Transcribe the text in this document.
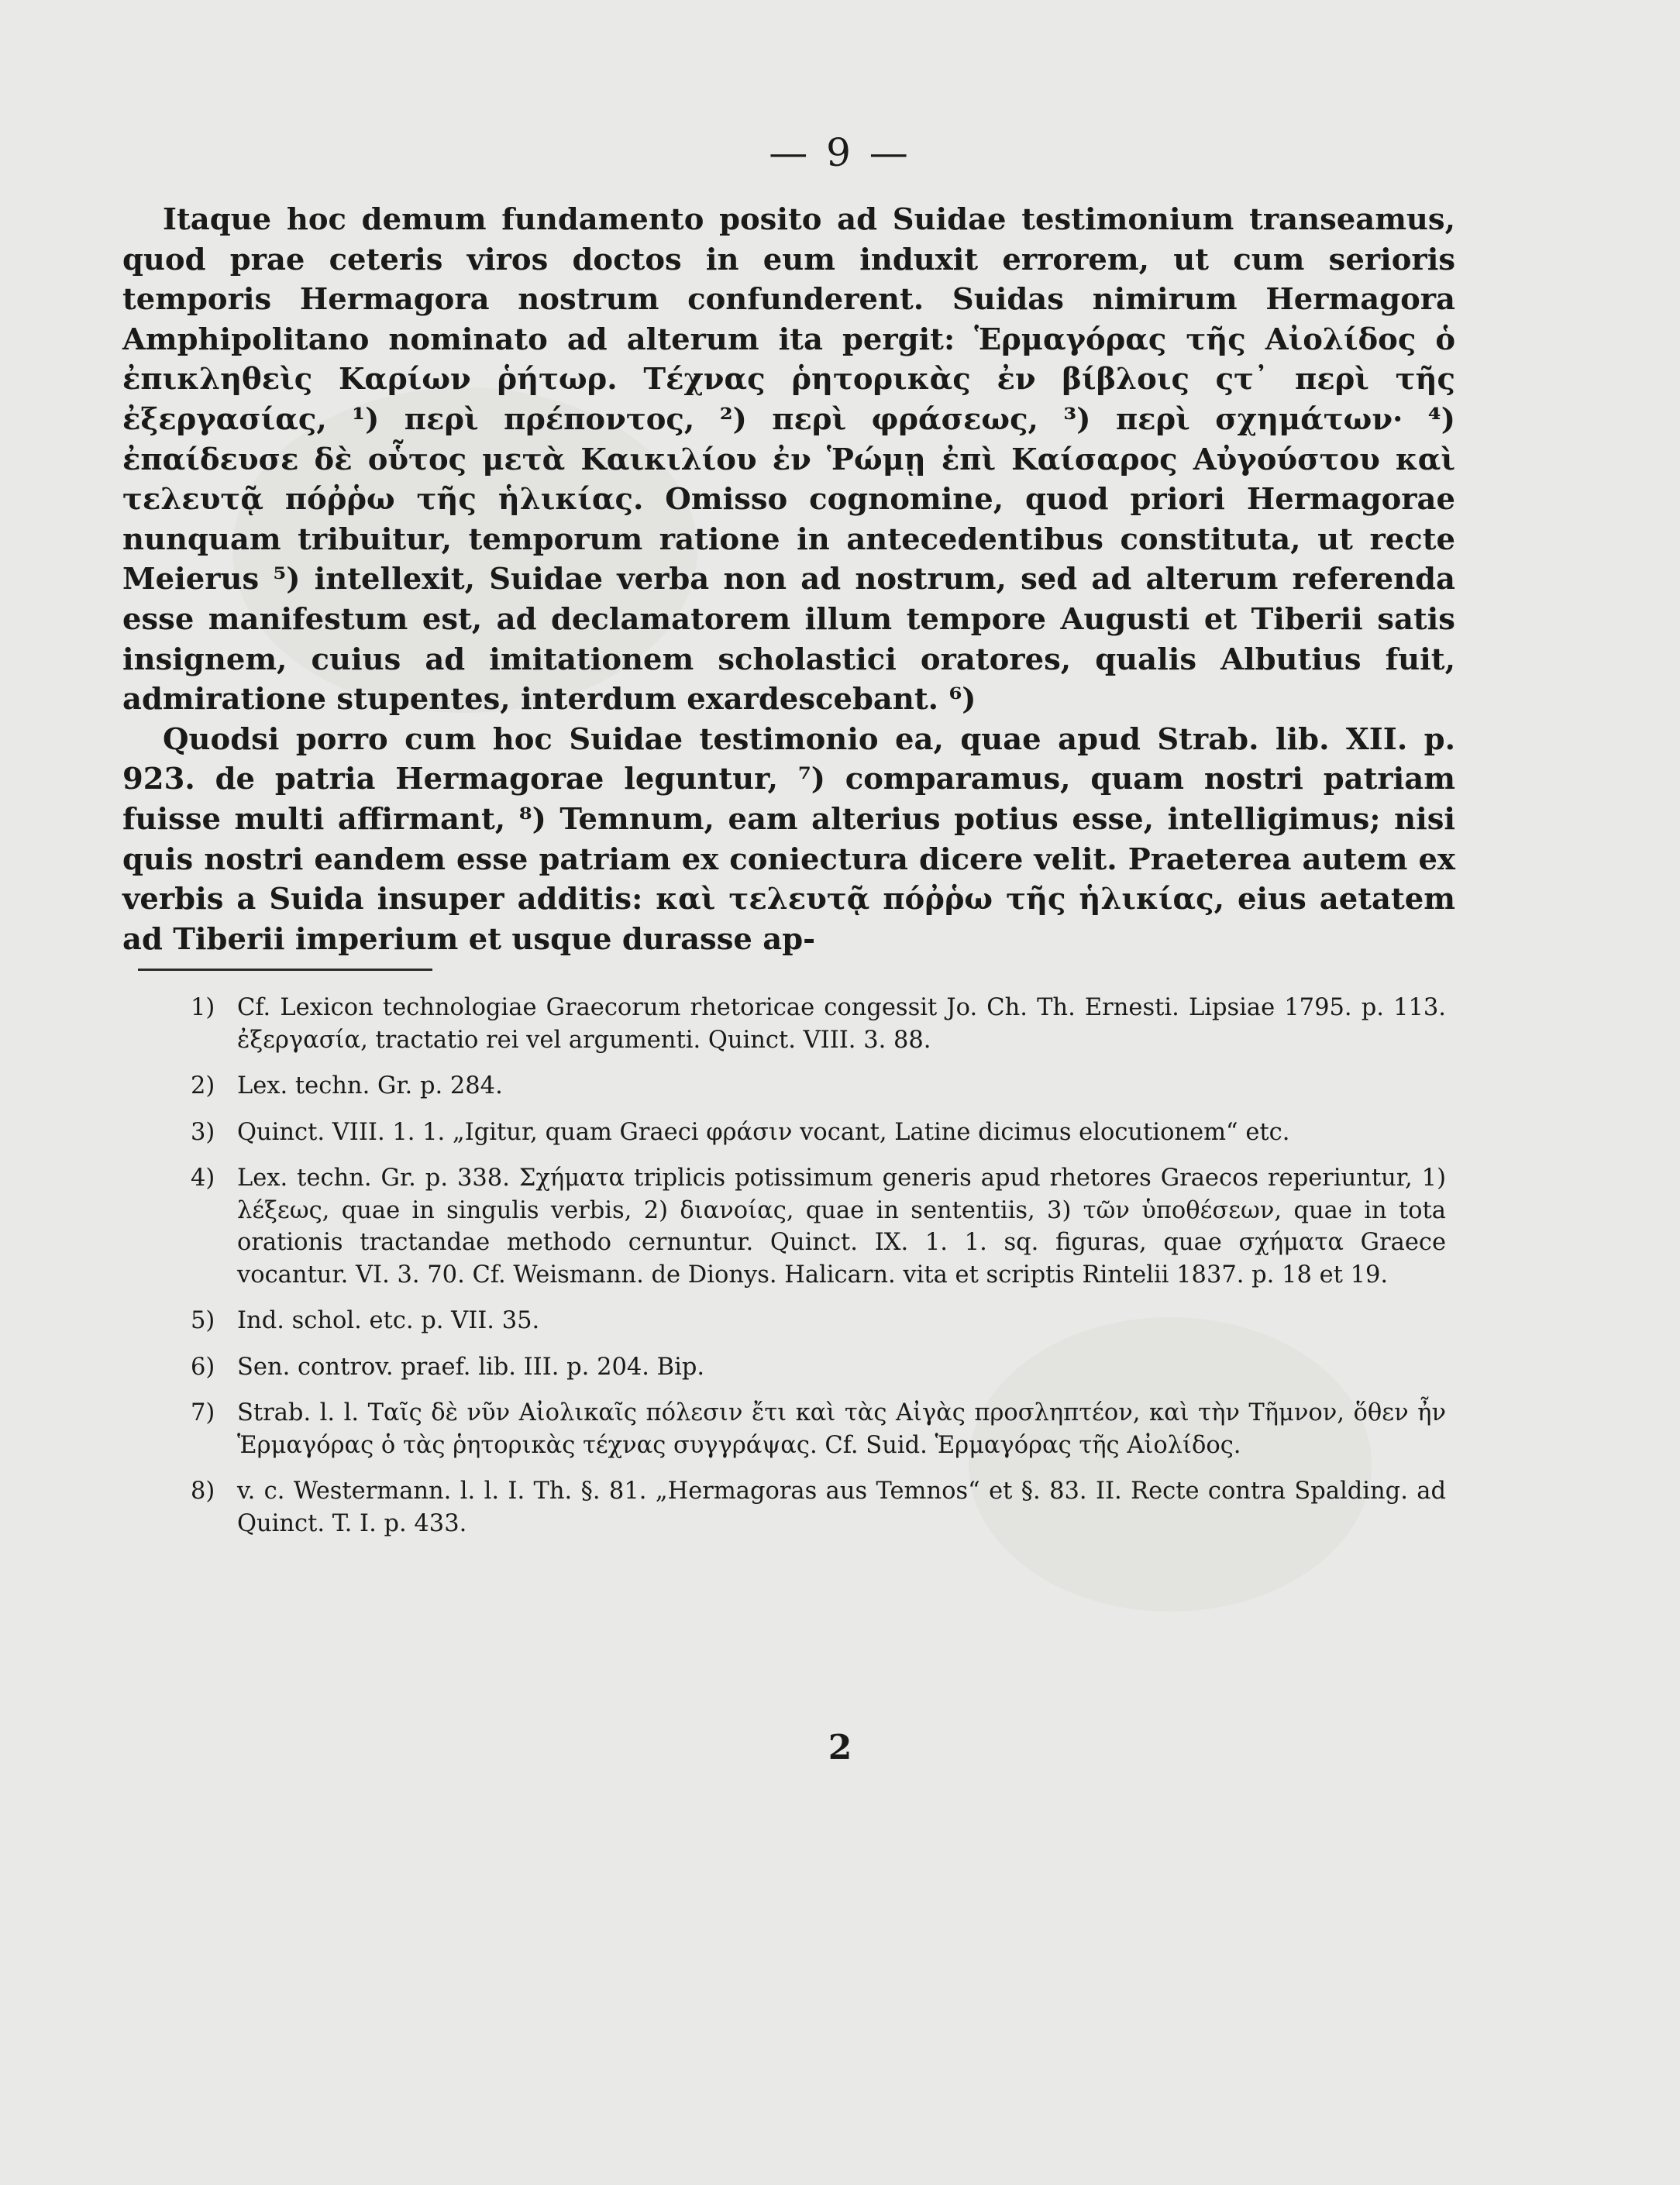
— 9 —

Itaque hoc demum fundamento posito ad Suidae testimonium transeamus, quod prae ceteris viros doctos in eum induxit errorem, ut cum serioris temporis Hermagora nostrum confunderent. Suidas nimirum Hermagora Amphipolitano nominato ad alterum ita pergit: Ἑρμαγόρας τῆς Αἰολίδος ὁ ἐπικληθεὶς Καρίων ῥήτωρ. Τέχνας ῥητορικὰς ἐν βίβλοις ςτ᾽ περὶ τῆς ἐξεργασίας, ¹) περὶ πρέποντος, ²) περὶ φράσεως, ³) περὶ σχημάτων· ⁴) ἐπαίδευσε δὲ οὗτος μετὰ Καικιλίου ἐν Ῥώμῃ ἐπὶ Καίσαρος Αὐγούστου καὶ τελευτᾷ πόῤῥω τῆς ἡλικίας. Omisso cognomine, quod priori Hermagorae nunquam tribuitur, temporum ratione in antecedentibus constituta, ut recte Meierus ⁵) intellexit, Suidae verba non ad nostrum, sed ad alterum referenda esse manifestum est, ad declamatorem illum tempore Augusti et Tiberii satis insignem, cuius ad imitationem scholastici oratores, qualis Albutius fuit, admiratione stupentes, interdum exardescebant. ⁶)

Quodsi porro cum hoc Suidae testimonio ea, quae apud Strab. lib. XII. p. 923. de patria Hermagorae leguntur, ⁷) comparamus, quam nostri patriam fuisse multi affirmant, ⁸) Temnum, eam alterius potius esse, intelligimus; nisi quis nostri eandem esse patriam ex coniectura dicere velit. Praeterea autem ex verbis a Suida insuper additis: καὶ τελευτᾷ πόῤῥω τῆς ἡλικίας, eius aetatem ad Tiberii imperium et usque durasse ap-

1) Cf. Lexicon technologiae Graecorum rhetoricae congessit Jo. Ch. Th. Ernesti. Lipsiae 1795. p. 113. ἐξεργασία, tractatio rei vel argumenti. Quinct. VIII. 3. 88.
2) Lex. techn. Gr. p. 284.
3) Quinct. VIII. 1. 1. „Igitur, quam Graeci φράσιν vocant, Latine dicimus elocutionem“ etc.
4) Lex. techn. Gr. p. 338. Σχήματα triplicis potissimum generis apud rhetores Graecos reperiuntur, 1) λέξεως, quae in singulis verbis, 2) διανοίας, quae in sententiis, 3) τῶν ὑποθέσεων, quae in tota orationis tractandae methodo cernuntur. Quinct. IX. 1. 1. sq. figuras, quae σχήματα Graece vocantur. VI. 3. 70. Cf. Weismann. de Dionys. Halicarn. vita et scriptis Rintelii 1837. p. 18 et 19.
5) Ind. schol. etc. p. VII. 35.
6) Sen. controv. praef. lib. III. p. 204. Bip.
7) Strab. l. l. Ταῖς δὲ νῦν Αἰολικαῖς πόλεσιν ἔτι καὶ τὰς Αἰγὰς προσληπτέον, καὶ τὴν Τῆμνον, ὅθεν ἦν Ἑρμαγόρας ὁ τὰς ῥητορικὰς τέχνας συγγράψας. Cf. Suid. Ἑρμαγόρας τῆς Αἰολίδος.
8) v. c. Westermann. l. l. I. Th. §. 81. „Hermagoras aus Temnos“ et §. 83. II. Recte contra Spalding. ad Quinct. T. I. p. 433.
2
